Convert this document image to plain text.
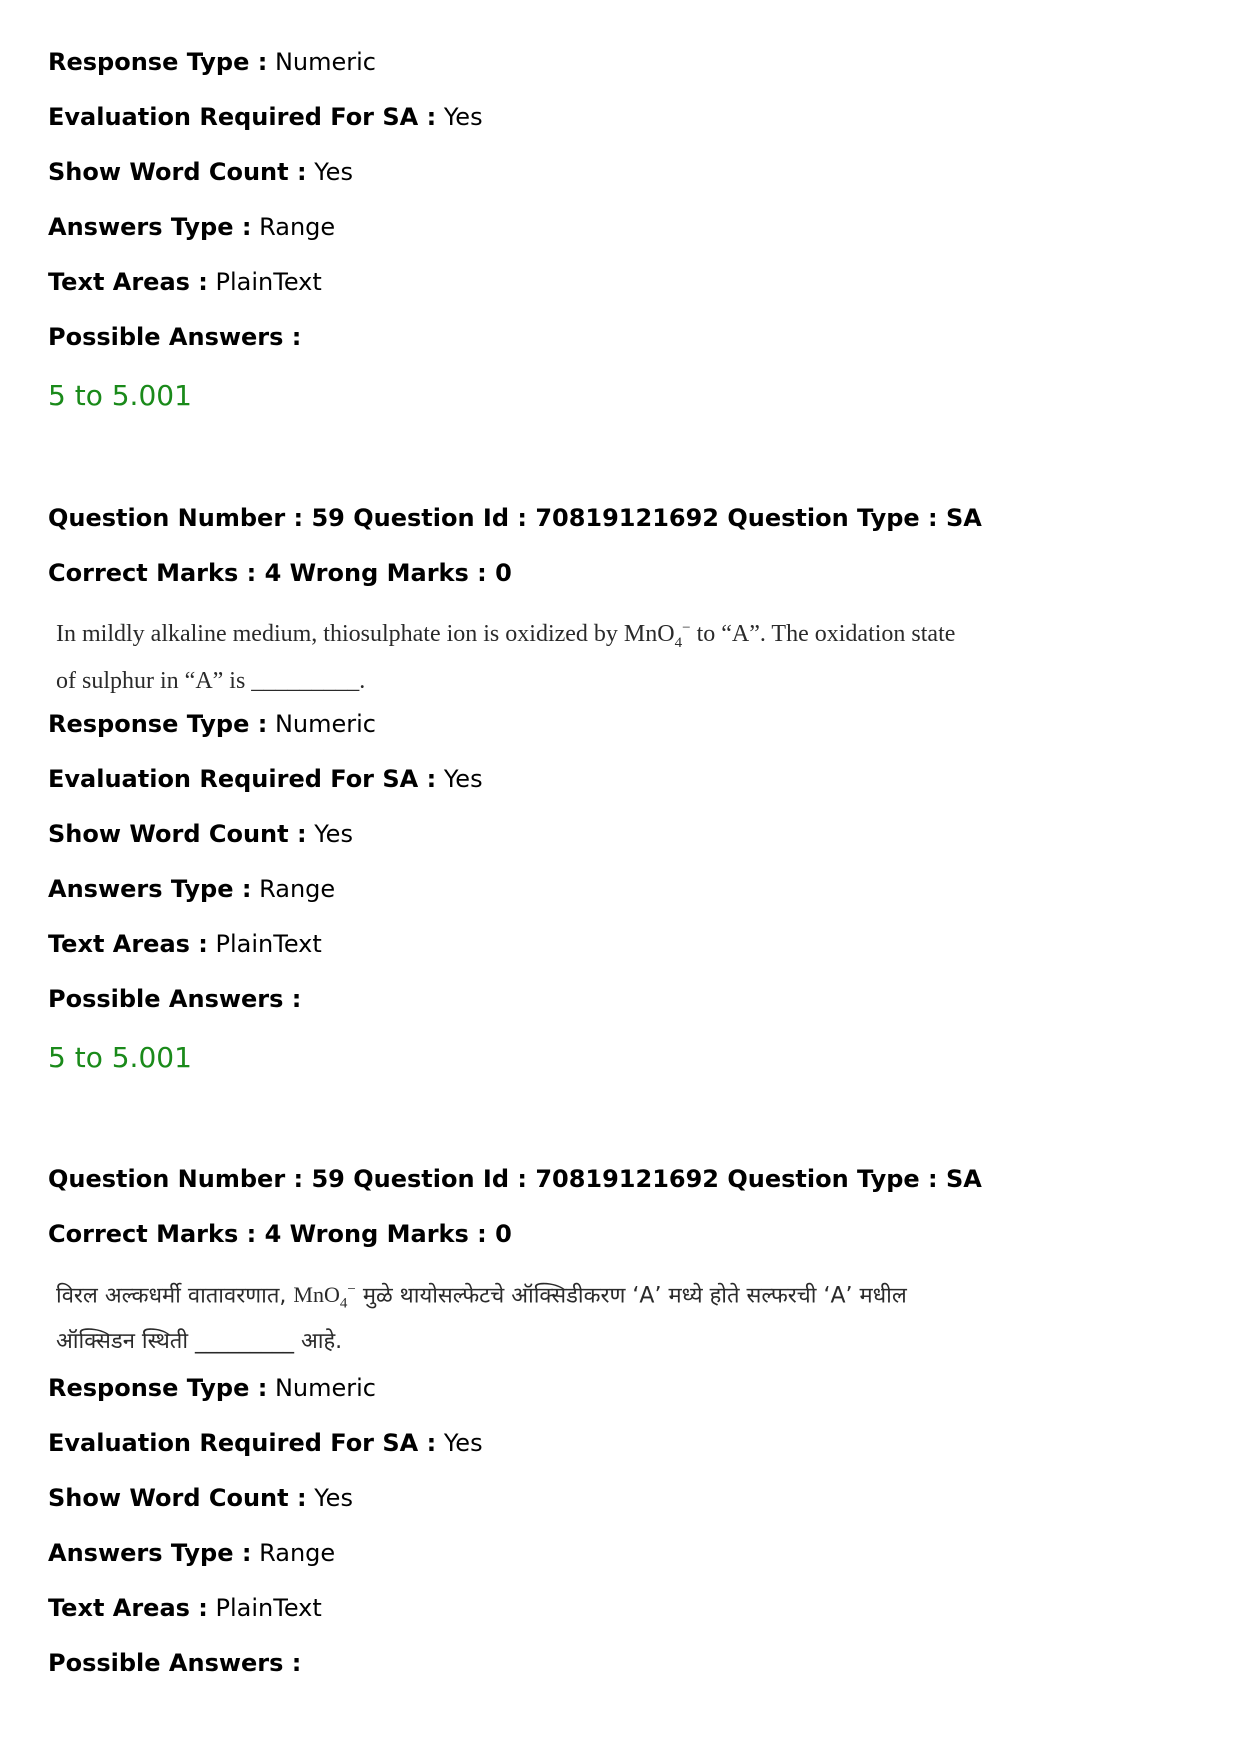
Response Type : Numeric
Evaluation Required For SA : Yes
Show Word Count : Yes
Answers Type : Range
Text Areas : PlainText
Possible Answers :
5 to 5.001
Question Number : 59 Question Id : 70819121692 Question Type : SA
Correct Marks : 4 Wrong Marks : 0
In mildly alkaline medium, thiosulphate ion is oxidized by MnO$_4$− to “A”. The oxidation state of sulphur in “A” is _________.
Response Type : Numeric
Evaluation Required For SA : Yes
Show Word Count : Yes
Answers Type : Range
Text Areas : PlainText
Possible Answers :
5 to 5.001
Question Number : 59 Question Id : 70819121692 Question Type : SA
Correct Marks : 4 Wrong Marks : 0
विरल अल्कधर्मी वातावरणात, MnO$_4$− मुळे थायोसल्फेटचे ऑक्सिडीकरण ‘A’ मध्ये होते सल्फरची ‘A’ मधील ऑक्सिडन स्थिती _________ आहे.
Response Type : Numeric
Evaluation Required For SA : Yes
Show Word Count : Yes
Answers Type : Range
Text Areas : PlainText
Possible Answers :
